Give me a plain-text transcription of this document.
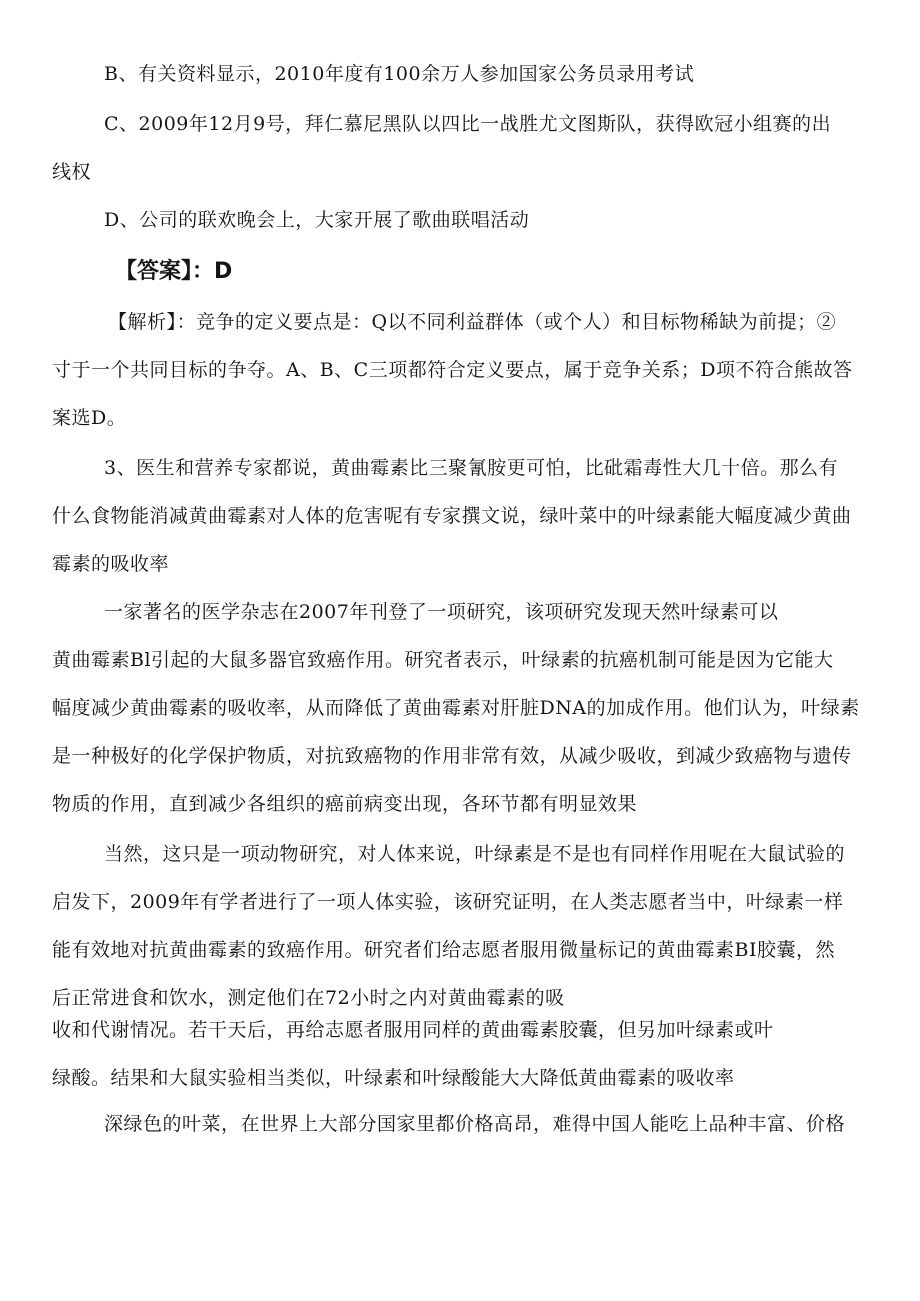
B、有关资料显示，2010年度有100余万人参加国家公务员录用考试
C、2009年12月9号，拜仁慕尼黑队以四比一战胜尤文图斯队，获得欧冠小组赛的出
线权
D、公司的联欢晚会上，大家开展了歌曲联唱活动
【答案】：D
【解析】：竞争的定义要点是：Q以不同利益群体（或个人）和目标物稀缺为前提；②
寸于一个共同目标的争夺。A、B、C三项都符合定义要点，属于竞争关系；D项不符合熊故答
案选D。
3、医生和营养专家都说，黄曲霉素比三聚氰胺更可怕，比砒霜毒性大几十倍。那么有
什么食物能消减黄曲霉素对人体的危害呢有专家撰文说，绿叶菜中的叶绿素能大幅度减少黄曲
霉素的吸收率
一家著名的医学杂志在2007年刊登了一项研究，该项研究发现天然叶绿素可以
黄曲霉素Bl引起的大鼠多器官致癌作用。研究者表示，叶绿素的抗癌机制可能是因为它能大
幅度减少黄曲霉素的吸收率，从而降低了黄曲霉素对肝脏DNA的加成作用。他们认为，叶绿素
是一种极好的化学保护物质，对抗致癌物的作用非常有效，从减少吸收，到减少致癌物与遗传
物质的作用，直到减少各组织的癌前病变出现，各环节都有明显效果
当然，这只是一项动物研究，对人体来说，叶绿素是不是也有同样作用呢在大鼠试验的
启发下，2009年有学者进行了一项人体实验，该研究证明，在人类志愿者当中，叶绿素一样
能有效地对抗黄曲霉素的致癌作用。研究者们给志愿者服用微量标记的黄曲霉素BI胶囊，然
后正常进食和饮水，测定他们在72小时之内对黄曲霉素的吸
收和代谢情况。若干天后，再给志愿者服用同样的黄曲霉素胶囊，但另加叶绿素或叶
绿酸。结果和大鼠实验相当类似，叶绿素和叶绿酸能大大降低黄曲霉素的吸收率
深绿色的叶菜，在世界上大部分国家里都价格高昂，难得中国人能吃上品种丰富、价格
